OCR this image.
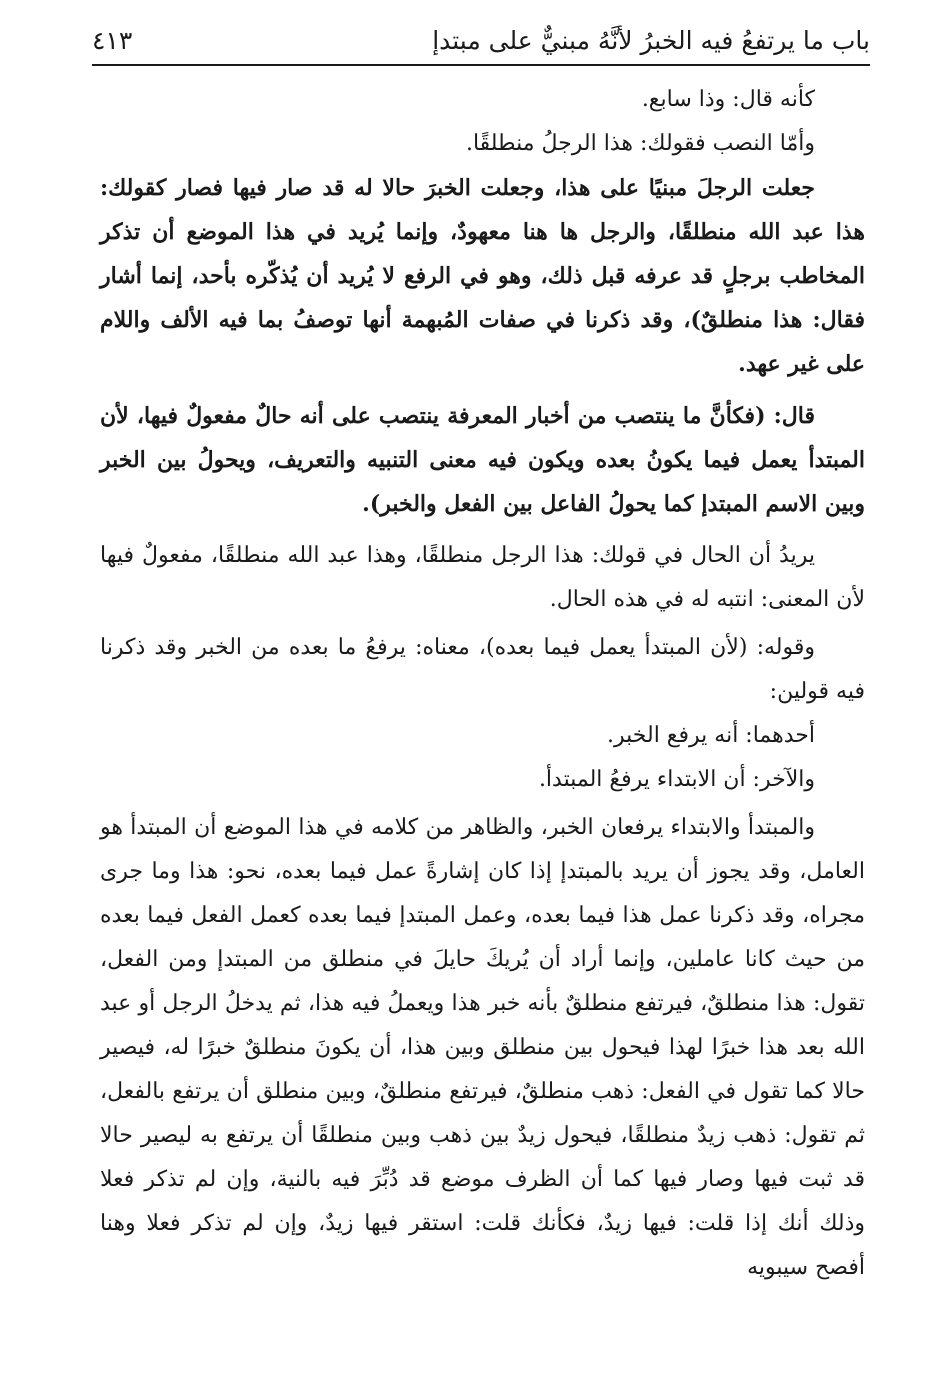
باب ما يرتفعُ فيه الخبرُ لأنَّهُ مبنيٌّ على مبتدإ
٤١٣

كأنه قال: وذا سابع.

وأمّا النصب فقولك: هذا الرجلُ منطلقًا.

جعلت الرجلَ مبنيًا على هذا، وجعلت الخبرَ حالا له قد صار فيها فصار كقولك: هذا عبد الله منطلقًا، والرجل ها هنا معهودٌ، وإنما يُريد في هذا الموضع أن تذكر المخاطب برجلٍ قد عرفه قبل ذلك، وهو في الرفع لا يُريد أن يُذكّره بأحد، إنما أشار فقال: هذا منطلقٌ)، وقد ذكرنا في صفات المُبهمة أنها توصفُ بما فيه الألف واللام على غير عهد.

قال: (فكأنَّ ما ينتصب من أخبار المعرفة ينتصب على أنه حالٌ مفعولٌ فيها، لأن المبتدأ يعمل فيما يكونُ بعده ويكون فيه معنى التنبيه والتعريف، ويحولُ بين الخبر وبين الاسم المبتدإ كما يحولُ الفاعل بين الفعل والخبر).

يريدُ أن الحال في قولك: هذا الرجل منطلقًا، وهذا عبد الله منطلقًا، مفعولٌ فيها لأن المعنى: انتبه له في هذه الحال.

وقوله: (لأن المبتدأ يعمل فيما بعده)، معناه: يرفعُ ما بعده من الخبر وقد ذكرنا فيه قولين:

أحدهما: أنه يرفع الخبر.

والآخر: أن الابتداء يرفعُ المبتدأ.

والمبتدأ والابتداء يرفعان الخبر، والظاهر من كلامه في هذا الموضع أن المبتدأ هو العامل، وقد يجوز أن يريد بالمبتدإ إذا كان إشارةً عمل فيما بعده، نحو: هذا وما جرى مجراه، وقد ذكرنا عمل هذا فيما بعده، وعمل المبتدإ فيما بعده كعمل الفعل فيما بعده من حيث كانا عاملين، وإنما أراد أن يُريكَ حايلَ في منطلق من المبتدإ ومن الفعل، تقول: هذا منطلقٌ، فيرتفع منطلقٌ بأنه خبر هذا ويعملُ فيه هذا، ثم يدخلُ الرجل أو عبد الله بعد هذا خبرًا لهذا فيحول بين منطلق وبين هذا، أن يكونَ منطلقٌ خبرًا له، فيصير حالا كما تقول في الفعل: ذهب منطلقٌ، فيرتفع منطلقٌ، وبين منطلق أن يرتفع بالفعل، ثم تقول: ذهب زيدٌ منطلقًا، فيحول زيدٌ بين ذهب وبين منطلقًا أن يرتفع به ليصير حالا قد ثبت فيها وصار فيها كما أن الظرف موضع قد دُبِّرَ فيه بالنية، وإن لم تذكر فعلا وذلك أنك إذا قلت: فيها زيدٌ، فكأنك قلت: استقر فيها زيدٌ، وإن لم تذكر فعلا وهنا أفصح سيبويه
